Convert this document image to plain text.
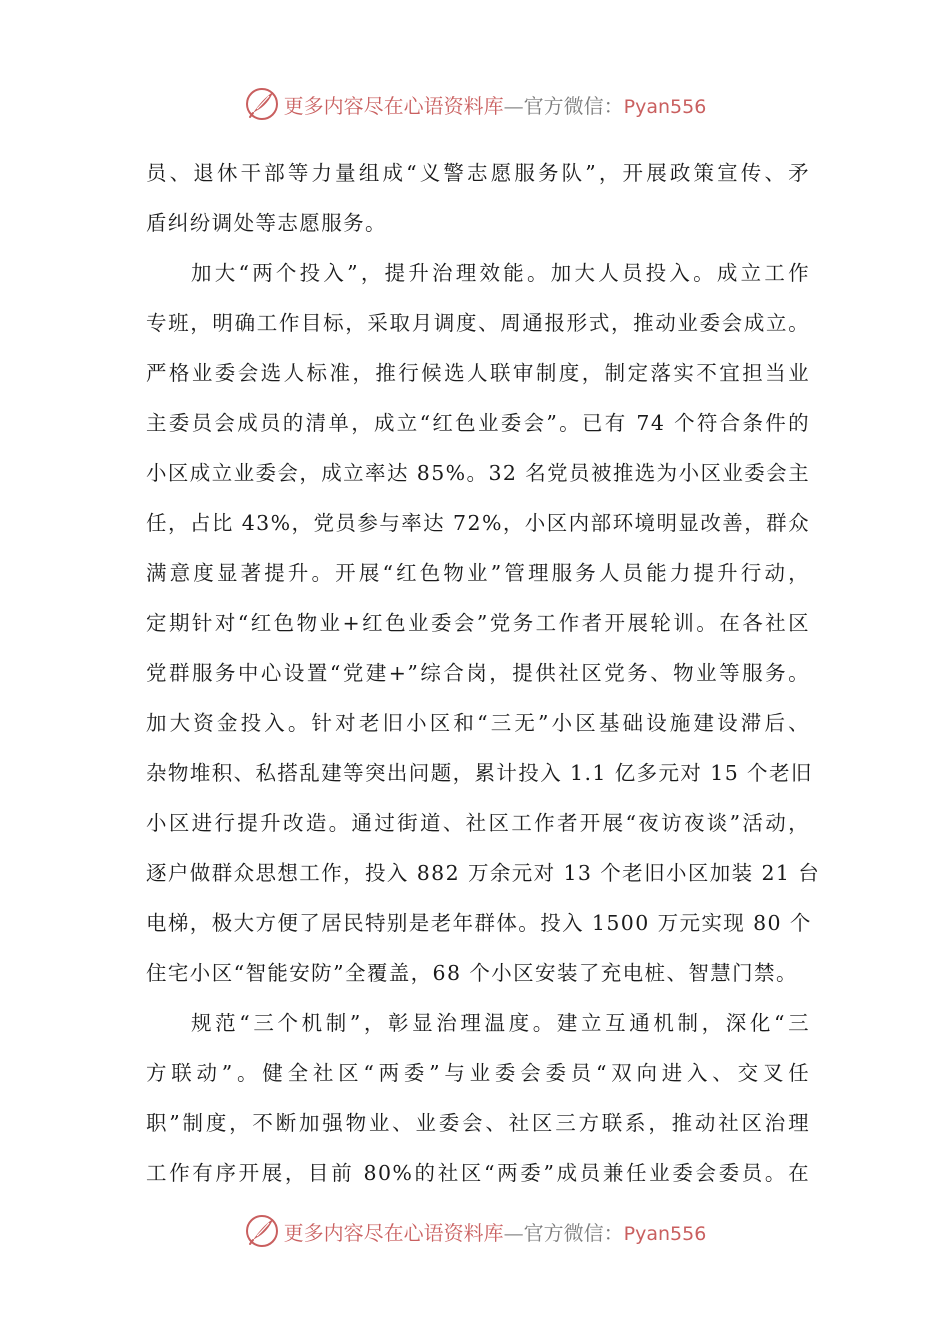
更多内容尽在心语资料库—官方微信：Pyan556
员、退休干部等力量组成“义警志愿服务队”，开展政策宣传、矛
盾纠纷调处等志愿服务。
加大“两个投入”，提升治理效能。加大人员投入。成立工作
专班，明确工作目标，采取月调度、周通报形式，推动业委会成立。
严格业委会选人标准，推行候选人联审制度，制定落实不宜担当业
主委员会成员的清单，成立“红色业委会”。已有 74 个符合条件的
小区成立业委会，成立率达 85%。32 名党员被推选为小区业委会主
任，占比 43%，党员参与率达 72%，小区内部环境明显改善，群众
满意度显著提升。开展“红色物业”管理服务人员能力提升行动，
定期针对“红色物业+红色业委会”党务工作者开展轮训。在各社区
党群服务中心设置“党建+”综合岗，提供社区党务、物业等服务。
加大资金投入。针对老旧小区和“三无”小区基础设施建设滞后、
杂物堆积、私搭乱建等突出问题，累计投入 1.1 亿多元对 15 个老旧
小区进行提升改造。通过街道、社区工作者开展“夜访夜谈”活动，
逐户做群众思想工作，投入 882 万余元对 13 个老旧小区加装 21 台
电梯，极大方便了居民特别是老年群体。投入 1500 万元实现 80 个
住宅小区“智能安防”全覆盖，68 个小区安装了充电桩、智慧门禁。
规范“三个机制”，彰显治理温度。建立互通机制，深化“三
方联动”。健全社区“两委”与业委会委员“双向进入、交叉任
职”制度，不断加强物业、业委会、社区三方联系，推动社区治理
工作有序开展，目前 80%的社区“两委”成员兼任业委会委员。在
更多内容尽在心语资料库—官方微信：Pyan556
